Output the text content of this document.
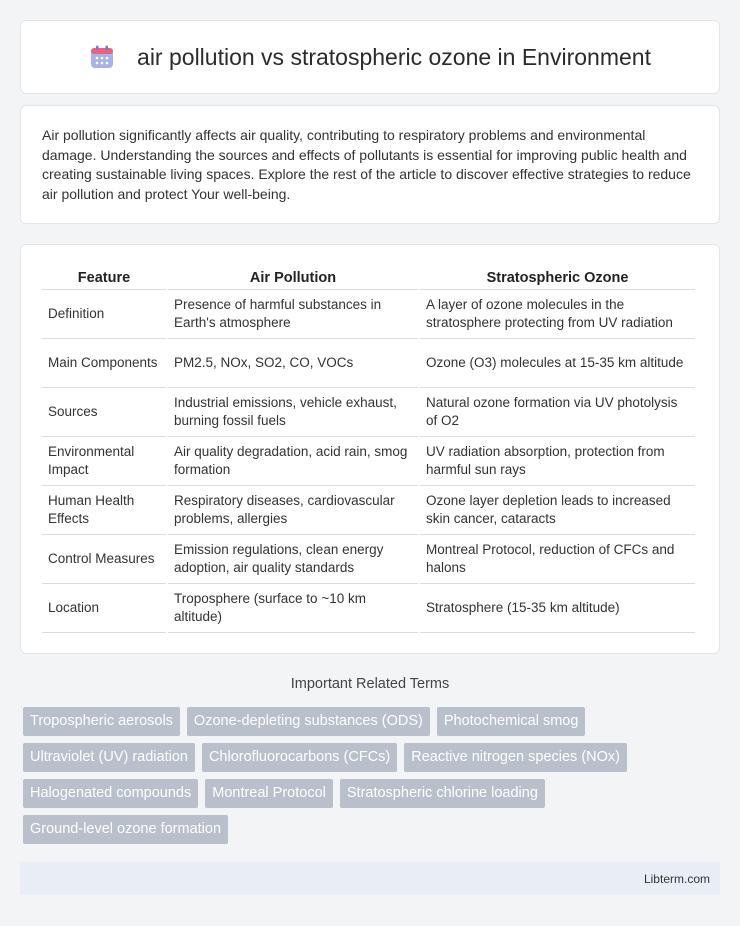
air pollution vs stratospheric ozone in Environment

Air pollution significantly affects air quality, contributing to respiratory problems and environmental damage. Understanding the sources and effects of pollutants is essential for improving public health and creating sustainable living spaces. Explore the rest of the article to discover effective strategies to reduce air pollution and protect Your well-being.

Feature	Air Pollution	Stratospheric Ozone
Definition	Presence of harmful substances in Earth's atmosphere	A layer of ozone molecules in the stratosphere protecting from UV radiation
Main Components	PM2.5, NOx, SO2, CO, VOCs	Ozone (O3) molecules at 15-35 km altitude
Sources	Industrial emissions, vehicle exhaust, burning fossil fuels	Natural ozone formation via UV photolysis of O2
Environmental Impact	Air quality degradation, acid rain, smog formation	UV radiation absorption, protection from harmful sun rays
Human Health Effects	Respiratory diseases, cardiovascular problems, allergies	Ozone layer depletion leads to increased skin cancer, cataracts
Control Measures	Emission regulations, clean energy adoption, air quality standards	Montreal Protocol, reduction of CFCs and halons
Location	Troposphere (surface to ~10 km altitude)	Stratosphere (15-35 km altitude)
Important Related Terms
Tropospheric aerosols	Ozone-depleting substances (ODS)	Photochemical smog
Ultraviolet (UV) radiation	Chlorofluorocarbons (CFCs)	Reactive nitrogen species (NOx)
Halogenated compounds	Montreal Protocol	Stratospheric chlorine loading
Ground-level ozone formation
Libterm.com
